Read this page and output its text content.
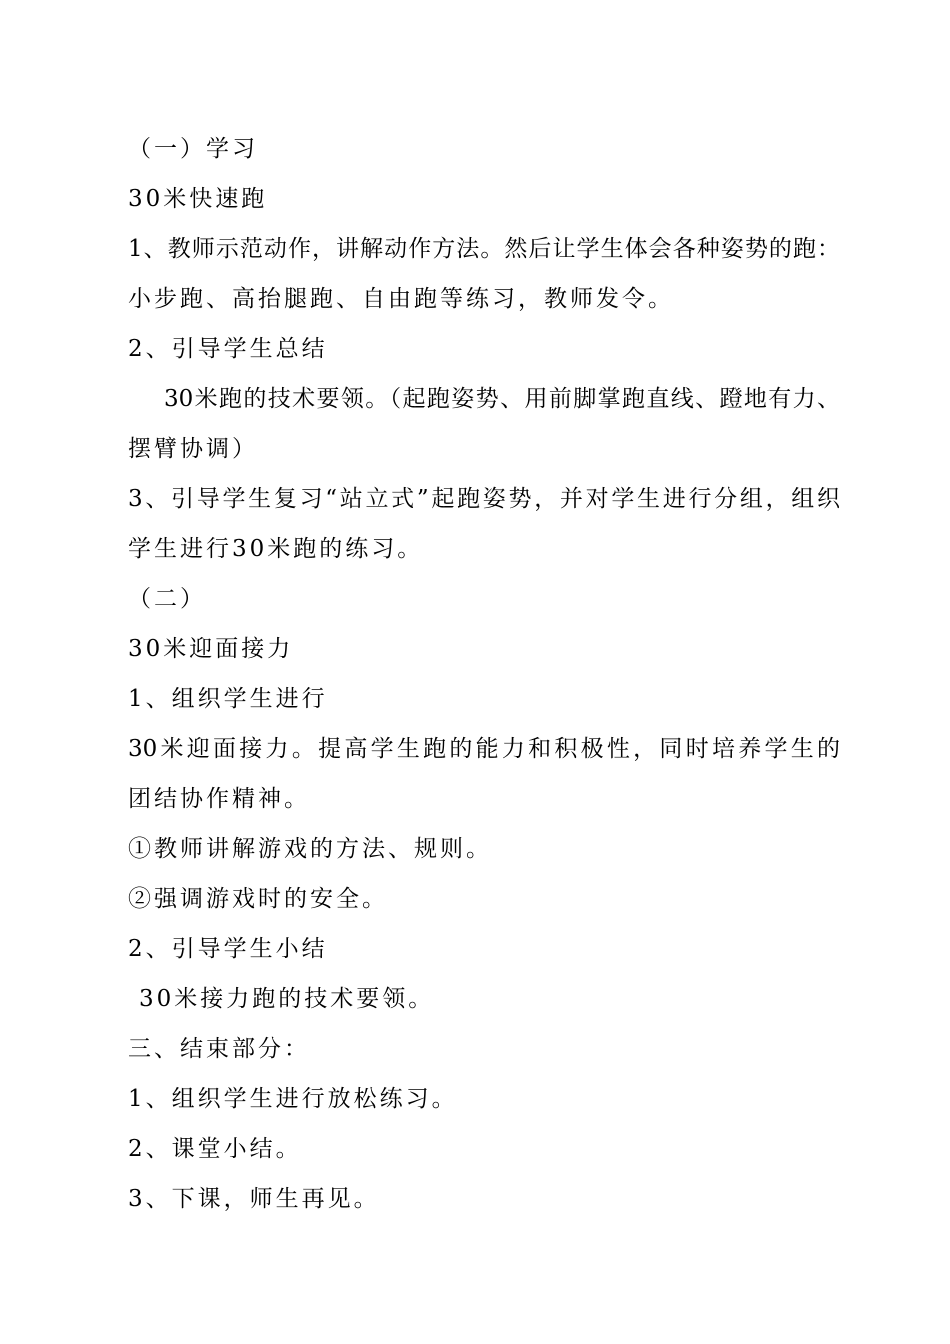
（一）学习
30米快速跑
1、教师示范动作，讲解动作方法。然后让学生体会各种姿势的跑：
小步跑、高抬腿跑、自由跑等练习，教师发令。
2、引导学生总结
30米跑的技术要领。（起跑姿势、用前脚掌跑直线、蹬地有力、
摆臂协调）
3、引导学生复习“站立式”起跑姿势，并对学生进行分组，组织
学生进行30米跑的练习。
（二）
30米迎面接力
1、组织学生进行
30米迎面接力。提高学生跑的能力和积极性，同时培养学生的
团结协作精神。
①教师讲解游戏的方法、规则。
②强调游戏时的安全。
2、引导学生小结
30米接力跑的技术要领。
三、结束部分：
1、组织学生进行放松练习。
2、课堂小结。
3、下课，师生再见。
